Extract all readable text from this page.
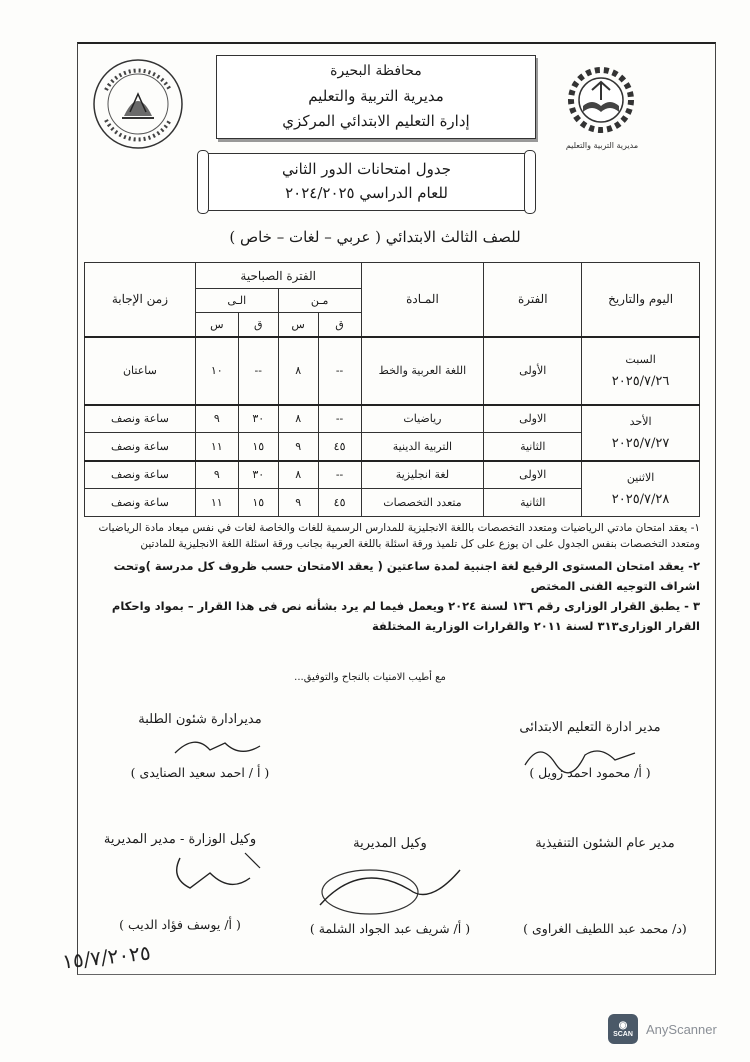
مديرية التربية والتعليم
محافظة البحيرة
مديرية التربية والتعليم
إدارة التعليم الابتدائي المركزي
جدول امتحانات الدور الثاني
للعام الدراسي ٢٠٢٤/٢٠٢٥
للصف الثالث الابتدائي ( عربي – لغات – خاص )
اليوم والتاريخ	الفترة	المـادة	الفترة الصباحية				زمن الإجابة
			مـن		الـى		
			ق	س	ق	س	

السبت
٢٠٢٥/٧/٢٦	الأولى	اللغة العربية والخط	--	٨	--	١٠	ساعتان

الأحد
٢٠٢٥/٧/٢٧	الاولى	رياضيات	--	٨	٣٠	٩	ساعة ونصف
	الثانية	التربية الدينية	٤٥	٩	١٥	١١	ساعة ونصف

الاثنين
٢٠٢٥/٧/٢٨	الاولى	لغة انجليزية	--	٨	٣٠	٩	ساعة ونصف
	الثانية	متعدد التخصصات	٤٥	٩	١٥	١١	ساعة ونصف

١- يعقد امتحان مادتي الرياضيات ومتعدد التخصصات باللغة الانجليزية للمدارس الرسمية للغات والخاصة لغات في نفس ميعاد مادة الرياضيات ومتعدد التخصصات بنفس الجدول على ان يوزع على كل تلميذ ورقة اسئلة باللغة العربية بجانب ورقة اسئلة اللغة الانجليزية للمادتين

٢- يعقد امتحان المستوى الرفيع لغة اجنبية لمدة ساعتين ( يعقد الامتحان حسب ظروف كل مدرسة )وتحت اشراف التوجيه الفنى المختص

٣ - يطبق القرار الوزارى رقم ١٣٦ لسنة ٢٠٢٤ ويعمل فيما لم يرد بشأنه نص فى هذا القرار – بمواد واحكام القرار الوزارى٣١٣ لسنة ٢٠١١ والقرارات الوزارية المختلفة

مع أطيب الامنيات بالنجاح والتوفيق...
مدير ادارة التعليم الابتدائى
( أ/ محمود احمد زويل )
مديرادارة شئون الطلبة
( أ / احمد سعيد الصنايدى )
مدير عام الشئون التنفيذية
(د/ محمد عبد اللطيف الغراوى )
وكيل المديرية
( أ/ شريف عبد الجواد الشلمة )
وكيل الوزارة - مدير المديرية
( أ/ يوسف فؤاد الديب )
١٥/٧/٢٠٢٥
◉
SCAN AnyScanner
